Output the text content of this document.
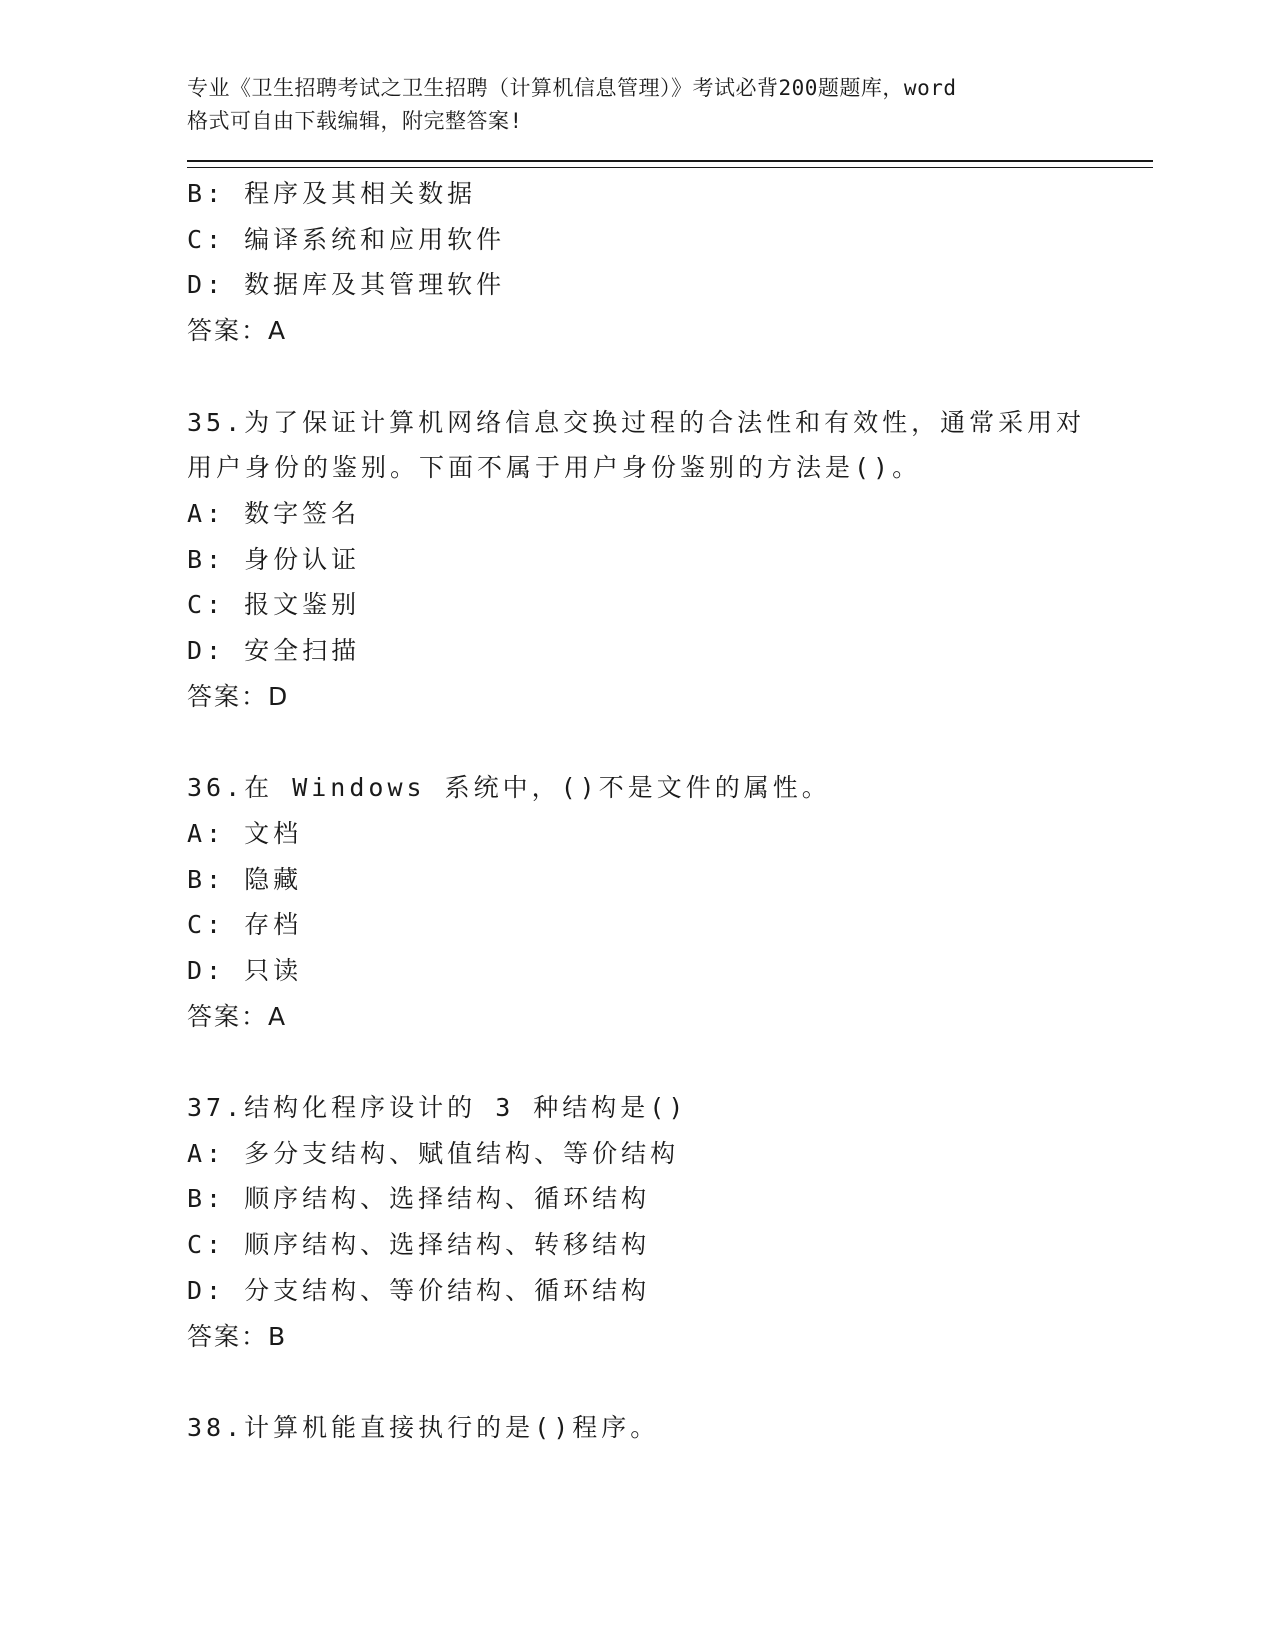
专业《卫生招聘考试之卫生招聘（计算机信息管理）》考试必背200题题库，word
格式可自由下载编辑，附完整答案!
B: 程序及其相关数据
C: 编译系统和应用软件
D: 数据库及其管理软件
答案：A
35.为了保证计算机网络信息交换过程的合法性和有效性，通常采用对
用户身份的鉴别。下面不属于用户身份鉴别的方法是()。
A: 数字签名
B: 身份认证
C: 报文鉴别
D: 安全扫描
答案：D
36.在 Windows 系统中，()不是文件的属性。
A: 文档
B: 隐藏
C: 存档
D: 只读
答案：A
37.结构化程序设计的 3 种结构是()
A: 多分支结构、赋值结构、等价结构
B: 顺序结构、选择结构、循环结构
C: 顺序结构、选择结构、转移结构
D: 分支结构、等价结构、循环结构
答案：B
38.计算机能直接执行的是()程序。
